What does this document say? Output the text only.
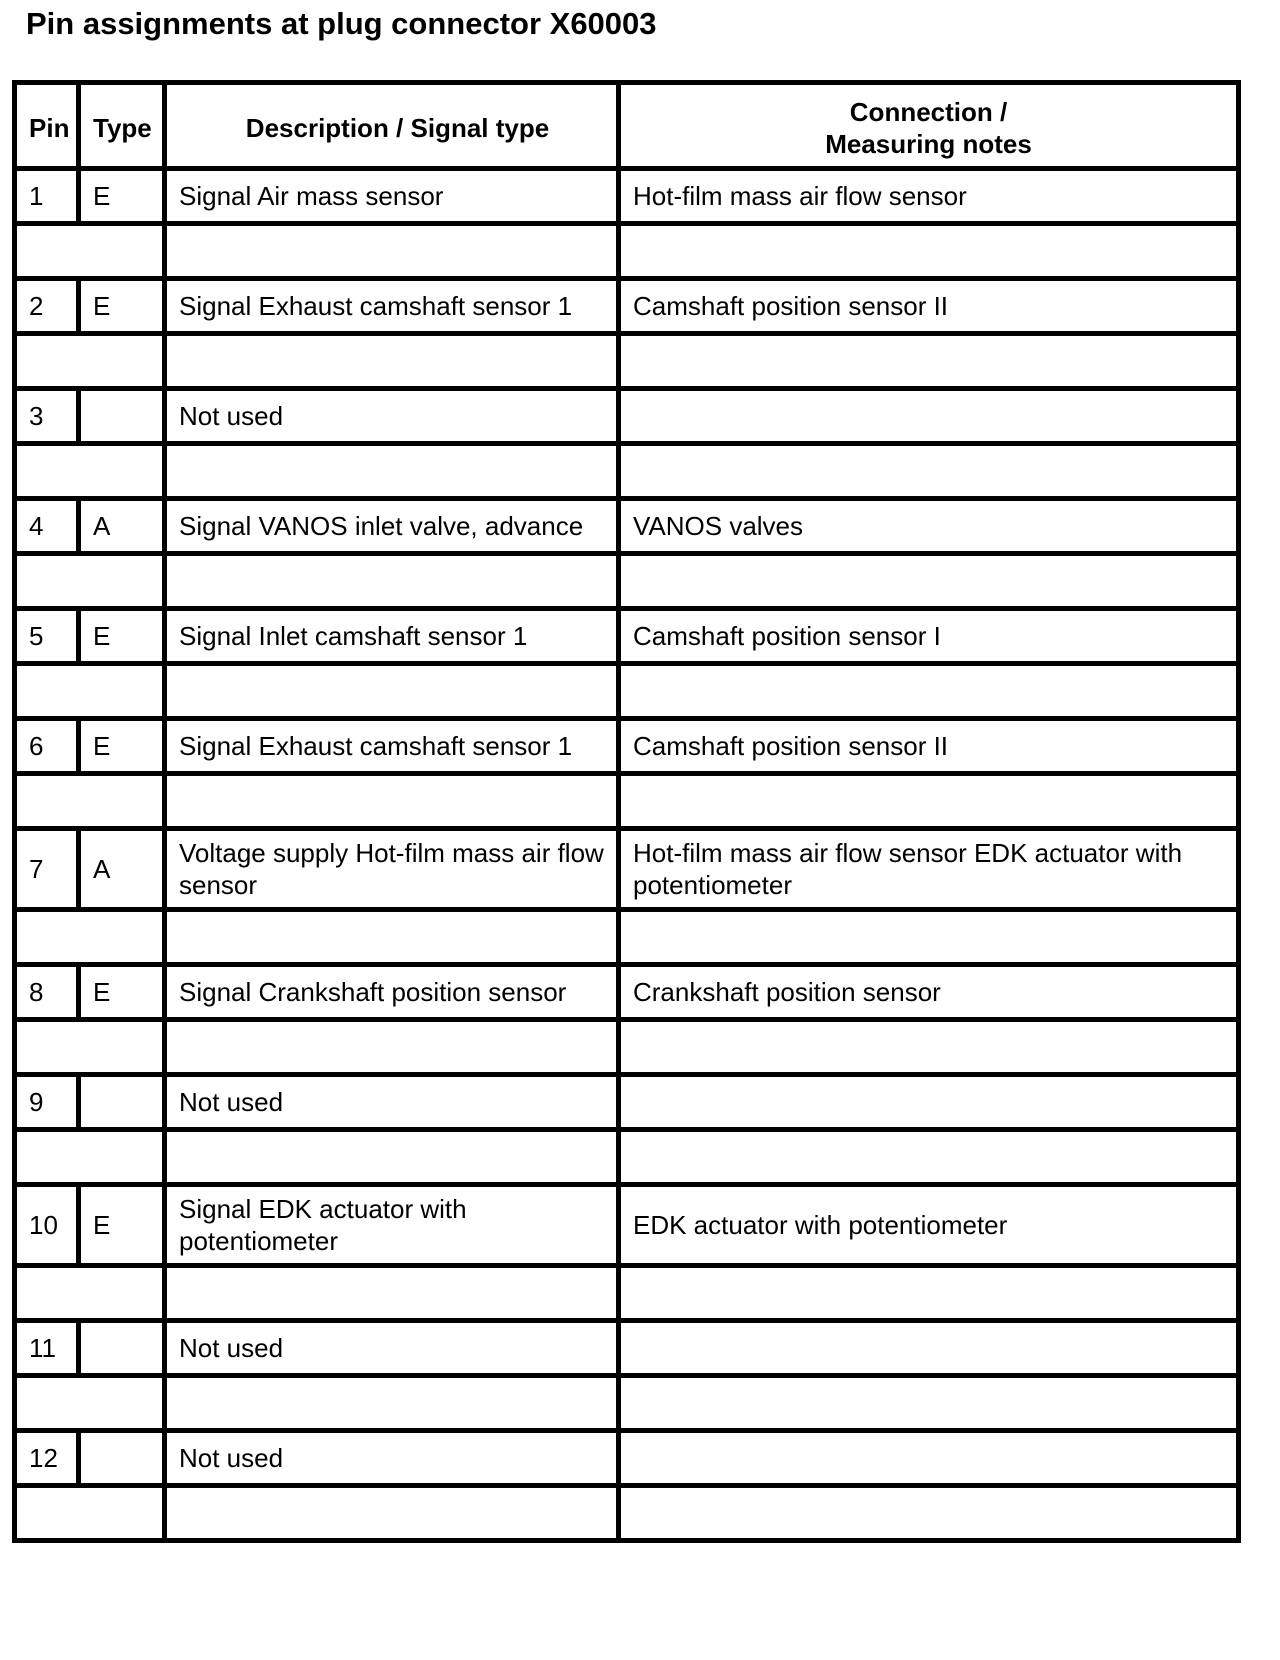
Pin assignments at plug connector X60003
Pin	Type	Description / Signal type	Connection / Measuring notes
1	E	Signal Air mass sensor	Hot-film mass air flow sensor

2	E	Signal Exhaust camshaft sensor 1	Camshaft position sensor II

3		Not used	

4	A	Signal VANOS inlet valve, advance	VANOS valves

5	E	Signal Inlet camshaft sensor 1	Camshaft position sensor I

6	E	Signal Exhaust camshaft sensor 1	Camshaft position sensor II

7	A	Voltage supply Hot-film mass air flow sensor	Hot-film mass air flow sensor EDK actuator with potentiometer

8	E	Signal Crankshaft position sensor	Crankshaft position sensor

9		Not used	

10	E	Signal EDK actuator with potentiometer	EDK actuator with potentiometer

11		Not used	

12		Not used	
